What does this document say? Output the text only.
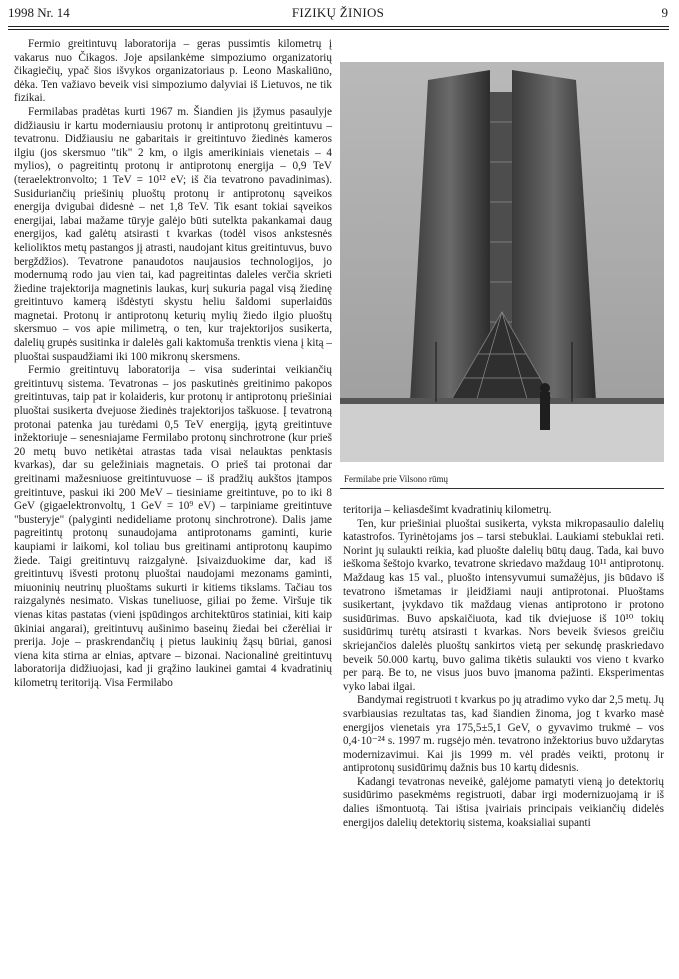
1998 Nr. 14	FIZIKŲ ŽINIOS	9

Fermio greitintuvų laboratorija – geras pussimtis kilometrų į vakarus nuo Čikagos. Joje apsilankėme simpoziumo organizatorių čikagiečių, ypač šios išvykos organizatoriaus p. Leono Maskaliūno, dėka. Ten važiavo beveik visi simpoziumo dalyviai iš Lietuvos, ne tik fizikai.

Fermilabas pradėtas kurti 1967 m. Šiandien jis įžymus pasaulyje didžiausiu ir kartu moderniausiu protonų ir antiprotonų greitintuvu – tevatronu. Didžiausiu ne gabaritais ir greitintuvo žiedinės kameros ilgiu (jos skersmuo "tik" 2 km, o ilgis amerikiniais vienetais – 4 mylios), o pagreitintų protonų ir antiprotonų energija – 0,9 TeV (teraelektronvolto; 1 TeV = 10¹² eV; iš čia tevatrono pavadinimas). Susiduriančių priešinių pluoštų protonų ir antiprotonų sąveikos energija dvigubai didesnė – net 1,8 TeV. Tik esant tokiai sąveikos energijai, labai mažame tūryje galėjo būti sutelkta pakankamai daug energijos, kad galėtų atsirasti t kvarkas (todėl visos ankstesnės kelioliktos metų pastangos jį atrasti, naudojant kitus greitintuvus, buvo bergždžios). Tevatrone panaudotos naujausios technologijos, jo modernumą rodo jau vien tai, kad pagreitintas daleles verčia skrieti žiedine trajektorija magnetinis laukas, kurį sukuria pagal visą žiedinę greitintuvo kamerą išdėstyti skystu heliu šaldomi superlaidūs magnetai. Protonų ir antiprotonų keturių mylių žiedo ilgio pluoštų skersmuo – vos apie milimetrą, o ten, kur trajektorijos susikerta, dalelių grupės susitinka ir dalelės gali kaktomuša trenktis viena į kitą – pluoštai suspaudžiami iki 100 mikronų skersmens.

Fermio greitintuvų laboratorija – visa suderintai veikiančių greitintuvų sistema. Tevatronas – jos paskutinės greitinimo pakopos greitintuvas, taip pat ir kolaideris, kur protonų ir antiprotonų priešiniai pluoštai susikerta dvejuose žiedinės trajektorijos taškuose. Į tevatroną protonai patenka jau turėdami 0,5 TeV energiją, įgytą greitintuve inžektoriuje – senesniajame Fermilabo protonų sinchrotrone (kur prieš 20 metų buvo netikėtai atrastas tada visai nelauktas penktasis kvarkas), dar su geležiniais magnetais. O prieš tai protonai dar greitinami mažesniuose greitintuvuose – iš pradžių aukštos įtampos greitintuve, paskui iki 200 MeV – tiesiniame greitintuve, po to iki 8 GeV (gigaelektronvoltų, 1 GeV = 10⁹ eV) – tarpiniame greitintuve "busteryje" (palyginti nedideliame protonų sinchrotrone). Dalis jame pagreitintų protonų sunaudojama antiprotonams gaminti, kurie kaupiami ir laikomi, kol toliau bus greitinami antiprotonų kaupimo žiede. Taigi greitintuvų raizgalynė. Įsivaizduokime dar, kad iš greitintuvų išvesti protonų pluoštai naudojami mezonams gaminti, miuoninių neutrinų pluoštams sukurti ir kitiems tikslams. Tačiau tos raizgalynės nesimato. Viskas tuneliuose, giliai po žeme. Viršuje tik vienas kitas pastatas (vieni įspūdingos architektūros statiniai, kiti kaip ūkiniai angarai), greitintuvų aušinimo baseinų žiedai bei cžerėliai ir prerija. Joje – praskrendančių į pietus laukinių žąsų būriai, ganosi viena kita stirna ar elnias, aptvare – bizonai. Nacionalinė greitintuvų laboratorija didžiuojasi, kad ji grąžino laukinei gamtai 4 kvadratinių kilometrų teritoriją. Visa Fermilabo

Fermilabe prie Vilsono rūmų

teritorija – keliasdešimt kvadratinių kilometrų.

Ten, kur priešiniai pluoštai susikerta, vyksta mikropasaulio dalelių katastrofos. Tyrinėtojams jos – tarsi stebuklai. Laukiami stebuklai reti. Norint jų sulaukti reikia, kad pluošte dalelių būtų daug. Tada, kai buvo ieškoma šeštojo kvarko, tevatrone skriedavo maždaug 10¹¹ antiprotonų. Maždaug kas 15 val., pluošto intensyvumui sumažėjus, jis būdavo iš tevatrono išmetamas ir įleidžiami nauji antiprotonai. Pluoštams susikertant, įvykdavo tik maždaug vienas antiprotono ir protono susidūrimas. Buvo apskaičiuota, kad tik dviejuose iš 10¹⁰ tokių susidūrimų turėtų atsirasti t kvarkas. Nors beveik šviesos greičiu skriejančios dalelės pluoštų sankirtos vietą per sekundę praskriedavo beveik 50.000 kartų, buvo galima tikėtis sulaukti vos vieno t kvarko per parą. Be to, ne visus juos buvo įmanoma pažinti. Eksperimentas vyko labai ilgai.

Bandymai registruoti t kvarkus po jų atradimo vyko dar 2,5 metų. Jų svarbiausias rezultatas tas, kad šiandien žinoma, jog t kvarko masė energijos vienetais yra 175,5±5,1 GeV, o gyvavimo trukmė – vos 0,4·10⁻²⁴ s. 1997 m. rugsėjo mėn. tevatrono inžektorius buvo uždarytas modernizavimui. Kai jis 1999 m. vėl pradės veikti, protonų ir antiprotonų susidūrimų dažnis bus 10 kartų didesnis.

Kadangi tevatronas neveikė, galėjome pamatyti vieną jo detektorių susidūrimo pasekmėms registruoti, dabar irgi modernizuojamą ir iš dalies išmontuotą. Tai ištisa įvairiais principais veikiančių didelės energijos dalelių detektorių sistema, koaksialiai supanti
